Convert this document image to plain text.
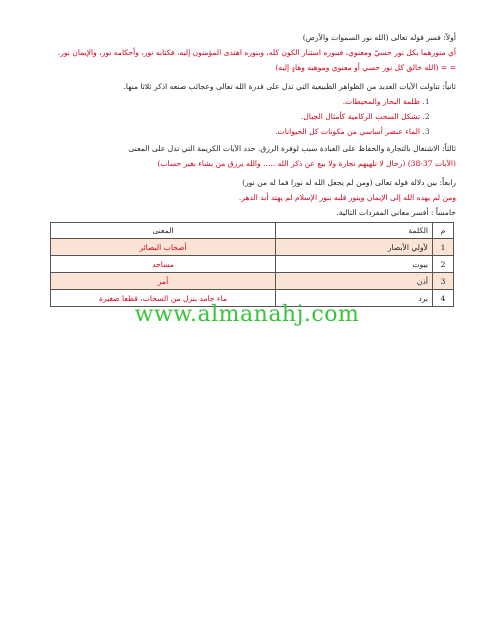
أولاً: فسر قوله تعالى (الله نور السموات والأرض)

أي منورهما بكل نور حسيّ ومعنوي، فبنوره استنار الكون كله، وبنوره اهتدى المؤمنون إليه، فكتابه نور، وأحكامه نور، والإيمان نور.

= = (الله خالق كل نور حسي أو معنوي وموهبه وهادٍ إليه)

ثانياً: تناولت الآيات العديد من الظواهر الطبيعية التي تدل على قدرة الله تعالى وعجائب صنعه اذكر ثلاثا منها.

1. ظلمة البحار والمحيطات.
2. تشكل السحب الركامية كأمثال الجبال.
3. الماء عنصر أساسي من مكونات كل الحيوانات.

ثالثاً: الاشتغال بالتجارة والحفاظ على العبادة سبب لوفرة الرزق. حدد الآيات الكريمة التي تدل على المعنى

(الآيات 37-38) (رجال لا تلهيهم تجارة ولا بيع عن ذكر الله ..... والله يرزق من يشاء بغير حساب)

رابعاً: بين دلالة قوله تعالى (ومن لم يجعل الله له نورا فما له من نور)

ومن لم يهده الله إلى الإيمان وينور قلبه بنور الإسلام لم يهتد أبد الدهر.

خامساً : أفسر معاني المفردات التالية.

م	الكلمة	المعنى
1	لأولي الأبصار	أصحاب البصائر
2	بيوت	مساجد
3	أذن	أمر
4	برد	ماء جامد ينزل من السحاب، قطعا صغيرة
www.almanahj.com
